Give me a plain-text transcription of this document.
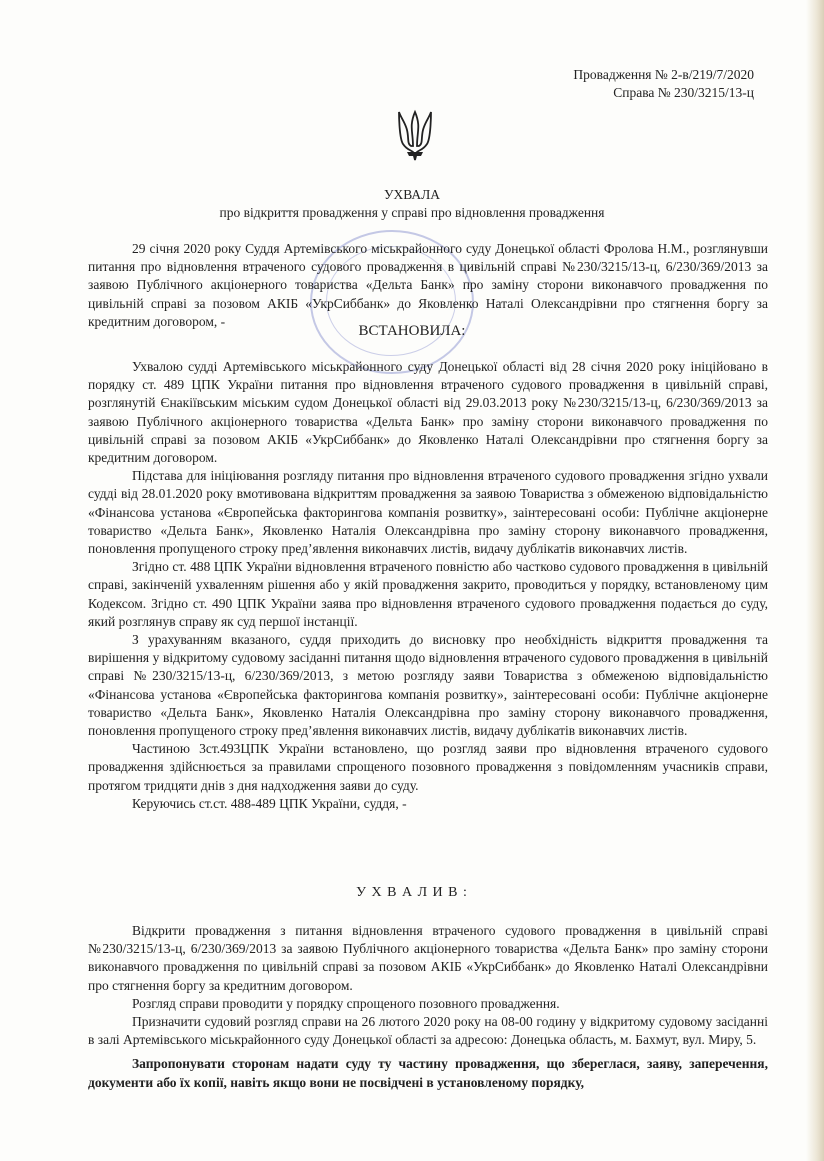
Провадження № 2-в/219/7/2020
Справа № 230/3215/13-ц
УХВАЛА
про відкриття провадження у справі про відновлення провадження

29 січня 2020 року Суддя Артемівського міськрайонного суду Донецької області Фролова Н.М., розглянувши питання про відновлення втраченого судового провадження в цивільній справі №230/3215/13-ц, 6/230/369/2013 за заявою Публічного акціонерного товариства «Дельта Банк» про заміну сторони виконавчого провадження по цивільній справі за позовом АКІБ «УкрСиббанк» до Яковленко Наталі Олександрівни про стягнення боргу за кредитним договором, -

ВСТАНОВИЛА:

Ухвалою судді Артемівського міськрайонного суду Донецької області від 28 січня 2020 року ініційовано в порядку ст. 489 ЦПК України питання про відновлення втраченого судового провадження в цивільній справі, розглянутій Єнакіївським міським судом Донецької області від 29.03.2013 року №230/3215/13-ц, 6/230/369/2013 за заявою Публічного акціонерного товариства «Дельта Банк» про заміну сторони виконавчого провадження по цивільній справі за позовом АКІБ «УкрСиббанк» до Яковленко Наталі Олександрівни про стягнення боргу за кредитним договором.

Підстава для ініціювання розгляду питання про відновлення втраченого судового провадження згідно ухвали судді від 28.01.2020 року вмотивована відкриттям провадження за заявою Товариства з обмеженою відповідальністю «Фінансова установа «Європейська факторингова компанія розвитку», заінтересовані особи: Публічне акціонерне товариство «Дельта Банк», Яковленко Наталія Олександрівна про заміну сторону виконавчого провадження, поновлення пропущеного строку пред’явлення виконавчих листів, видачу дублікатів виконавчих листів.

Згідно ст. 488 ЦПК України відновлення втраченого повністю або частково судового провадження в цивільній справі, закінченій ухваленням рішення або у якій провадження закрито, проводиться у порядку, встановленому цим Кодексом. Згідно ст. 490 ЦПК України заява про відновлення втраченого судового провадження подається до суду, який розглянув справу як суд першої інстанції.

З урахуванням вказаного, суддя приходить до висновку про необхідність відкриття провадження та вирішення у відкритому судовому засіданні питання щодо відновлення втраченого судового провадження в цивільній справі №230/3215/13-ц, 6/230/369/2013, з метою розгляду заяви Товариства з обмеженою відповідальністю «Фінансова установа «Європейська факторингова компанія розвитку», заінтересовані особи: Публічне акціонерне товариство «Дельта Банк», Яковленко Наталія Олександрівна про заміну сторону виконавчого провадження, поновлення пропущеного строку пред’явлення виконавчих листів, видачу дублікатів виконавчих листів.

Частиною 3ст.493ЦПК України встановлено, що розгляд заяви про відновлення втраченого судового провадження здійснюється за правилами спрощеного позовного провадження з повідомленням учасників справи, протягом тридцяти днів з дня надходження заяви до суду.

Керуючись ст.ст. 488-489 ЦПК України, суддя, -

У Х В А Л И В :

Відкрити провадження з питання відновлення втраченого судового провадження в цивільній справі №230/3215/13-ц, 6/230/369/2013 за заявою Публічного акціонерного товариства «Дельта Банк» про заміну сторони виконавчого провадження по цивільній справі за позовом АКІБ «УкрСиббанк» до Яковленко Наталі Олександрівни про стягнення боргу за кредитним договором.

Розгляд справи проводити у порядку спрощеного позовного провадження.

Призначити судовий розгляд справи на 26 лютого 2020 року на 08-00 годину у відкритому судовому засіданні в залі Артемівського міськрайонного суду Донецької області за адресою: Донецька область, м. Бахмут, вул. Миру, 5.

Запропонувати сторонам надати суду ту частину провадження, що збереглася, заяву, заперечення, документи або їх копії, навіть якщо вони не посвідчені в установленому порядку,
